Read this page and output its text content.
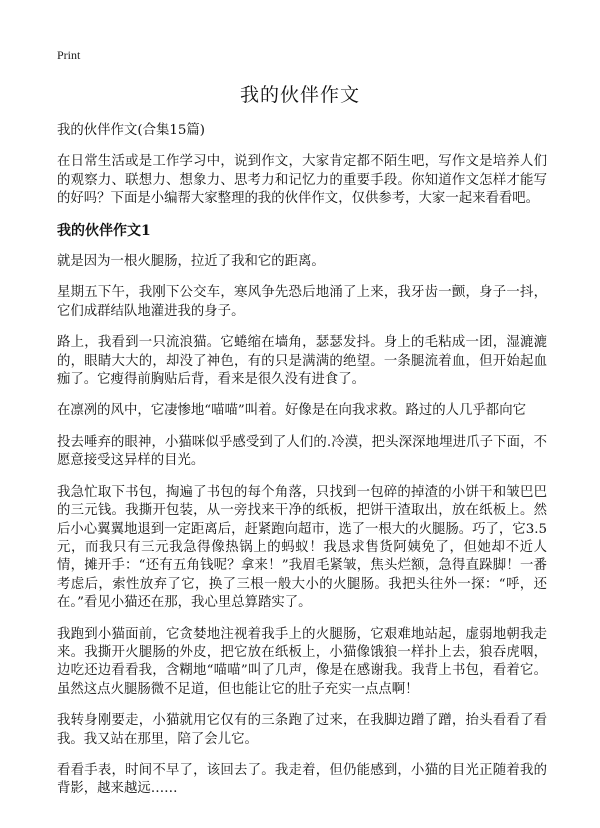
Print
我的伙伴作文

我的伙伴作文(合集15篇)

在日常生活或是工作学习中，说到作文，大家肯定都不陌生吧，写作文是培养人们的观察力、联想力、想象力、思考力和记忆力的重要手段。你知道作文怎样才能写的好吗？下面是小编帮大家整理的我的伙伴作文，仅供参考，大家一起来看看吧。

我的伙伴作文1

就是因为一根火腿肠，拉近了我和它的距离。

星期五下午，我刚下公交车，寒风争先恐后地涌了上来，我牙齿一颤，身子一抖，它们成群结队地灌进我的身子。

路上，我看到一只流浪猫。它蜷缩在墙角，瑟瑟发抖。身上的毛粘成一团，湿漉漉的，眼睛大大的，却没了神色，有的只是满满的绝望。一条腿流着血，但开始起血痂了。它瘦得前胸贴后背，看来是很久没有进食了。

在凛冽的风中，它凄惨地“喵喵”叫着。好像是在向我求救。路过的人几乎都向它

投去唾弃的眼神，小猫咪似乎感受到了人们的.冷漠，把头深深地埋进爪子下面，不愿意接受这异样的目光。

我急忙取下书包，掏遍了书包的每个角落，只找到一包碎的掉渣的小饼干和皱巴巴的三元钱。我撕开包装，从一旁找来干净的纸板，把饼干渣取出，放在纸板上。然后小心翼翼地退到一定距离后，赶紧跑向超市，选了一根大的火腿肠。巧了，它3.5元，而我只有三元我急得像热锅上的蚂蚁！我恳求售货阿姨免了，但她却不近人情，摊开手：“还有五角钱呢？拿来！”我眉毛紧皱，焦头烂额，急得直跺脚！一番考虑后，索性放弃了它，换了三根一般大小的火腿肠。我把头往外一探：“呼，还在。”看见小猫还在那，我心里总算踏实了。

我跑到小猫面前，它贪婪地注视着我手上的火腿肠，它艰难地站起，虚弱地朝我走来。我撕开火腿肠的外皮，把它放在纸板上，小猫像饿狼一样扑上去，狼吞虎咽，边吃还边看看我，含糊地“喵喵”叫了几声，像是在感谢我。我背上书包，看着它。虽然这点火腿肠微不足道，但也能让它的肚子充实一点点啊！

我转身刚要走，小猫就用它仅有的三条跑了过来，在我脚边蹭了蹭，抬头看看了看我。我又站在那里，陪了会儿它。

看看手表，时间不早了，该回去了。我走着，但仍能感到，小猫的目光正随着我的背影，越来越远……
